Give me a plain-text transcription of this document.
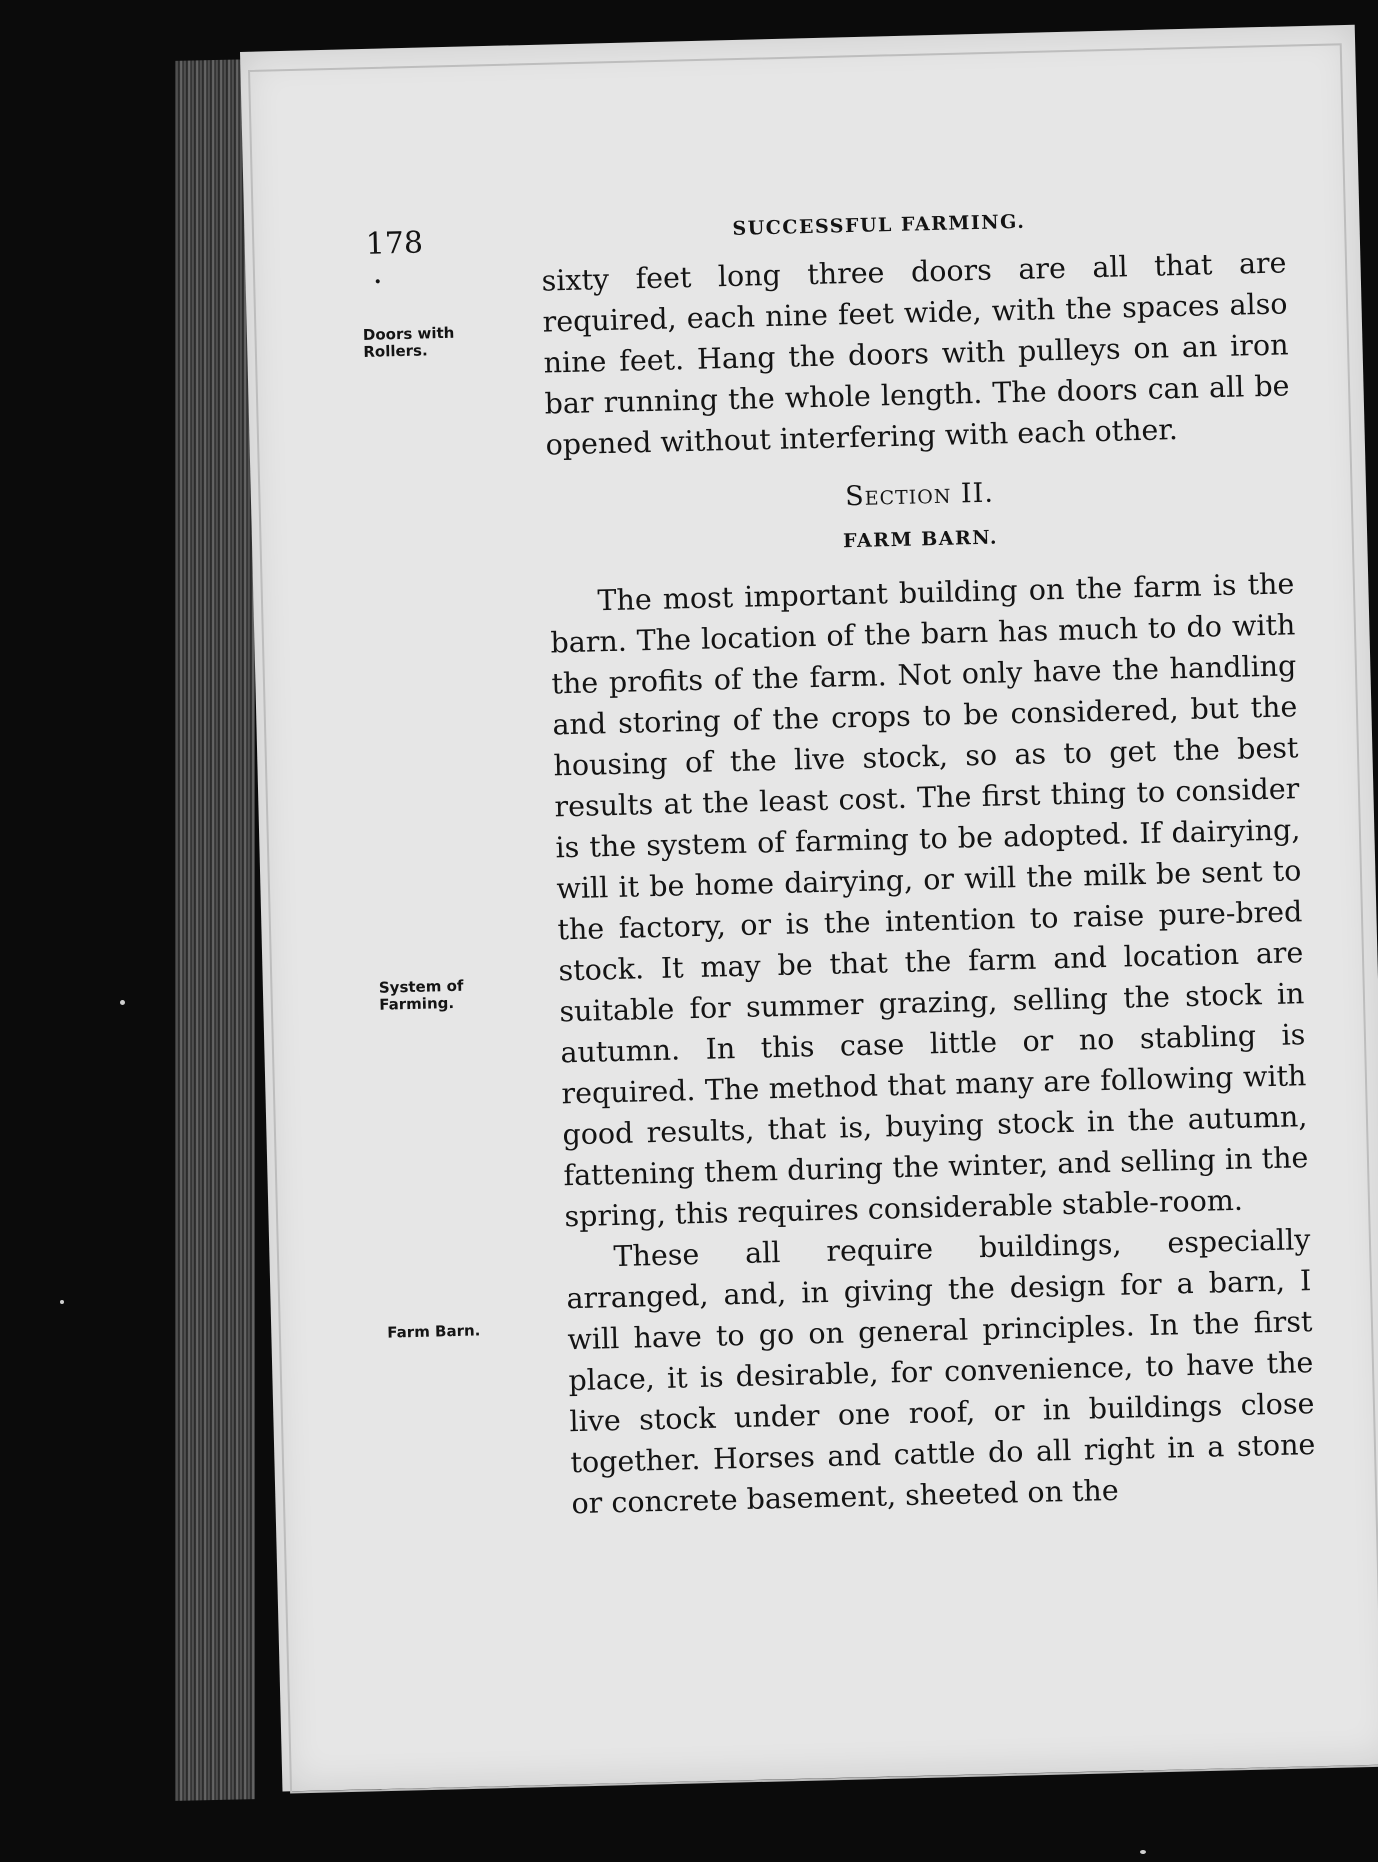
178
SUCCESSFUL FARMING.
•
Doors with
Rollers.
System of
Farming.
Farm Barn.

sixty feet long three doors are all that are required, each nine feet wide, with the spaces also nine feet. Hang the doors with pulleys on an iron bar running the whole length. The doors can all be opened without interfering with each other.

Section II.
FARM BARN.

The most important building on the farm is the barn. The location of the barn has much to do with the profits of the farm. Not only have the handling and storing of the crops to be considered, but the housing of the live stock, so as to get the best results at the least cost. The first thing to consider is the system of farming to be adopted. If dairying, will it be home dairying, or will the milk be sent to the factory, or is the intention to raise pure-bred stock. It may be that the farm and location are suitable for summer grazing, selling the stock in autumn. In this case little or no stabling is required. The method that many are following with good results, that is, buying stock in the autumn, fattening them during the winter, and selling in the spring, this requires considerable stable-room.

These all require buildings, especially arranged, and, in giving the design for a barn, I will have to go on general principles. In the first place, it is desirable, for convenience, to have the live stock under one roof, or in buildings close together. Horses and cattle do all right in a stone or concrete basement, sheeted on the
